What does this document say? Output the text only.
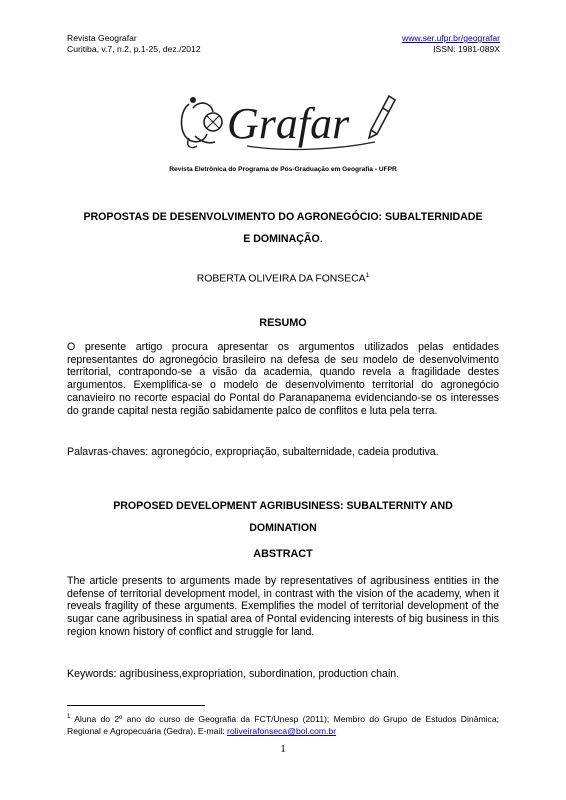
Revista Geografar
Curitiba, v.7, n.2, p.1-25, dez./2012
www.ser.ufpr.br/geografar
ISSN: 1981-089X
Grafar
Revista Eletrônica do Programa de Pós-Graduação em Geografia - UFPR
PROPOSTAS DE DESENVOLVIMENTO DO AGRONEGÓCIO: SUBALTERNIDADE
E DOMINAÇÃO.
ROBERTA OLIVEIRA DA FONSECA$^1$
RESUMO
O presente artigo procura apresentar os argumentos utilizados pelas entidades representantes do agronegócio brasileiro na defesa de seu modelo de desenvolvimento territorial, contrapondo-se a visão da academia, quando revela a fragilidade destes argumentos. Exemplifica-se o modelo de desenvolvimento territorial do agronegócio canavieiro no recorte espacial do Pontal do Paranapanema evidenciando-se os interesses do grande capital nesta região sabidamente palco de conflitos e luta pela terra.
Palavras-chaves: agronegócio, expropriação, subalternidade, cadeia produtiva.
PROPOSED DEVELOPMENT AGRIBUSINESS: SUBALTERNITY AND
DOMINATION
ABSTRACT
The article presents to arguments made by representatives of agribusiness entities in the defense of territorial development model, in contrast with the vision of the academy, when it reveals fragility of these arguments. Exemplifies the model of territorial development of the sugar cane agribusiness in spatial area of Pontal evidencing interests of big business in this region known history of conflict and struggle for land.
Keywords: agribusiness,expropriation, subordination, production chain.
$^1$ Aluna do 2º ano do curso de Geografia da FCT/Unesp (2011); Membro do Grupo de Estudos Dinâmica; Regional e Agropecuária (Gedra). E-mail: roliveirafonseca@bol.com.br
1
